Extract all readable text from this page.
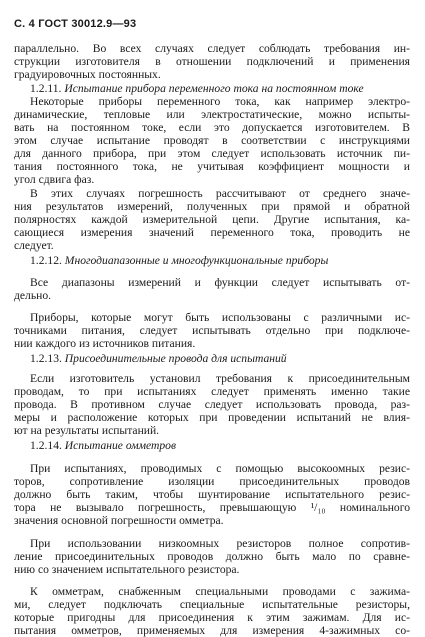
С. 4 ГОСТ 30012.9—93
параллельно. Во всех случаях следует соблюдать требования ин-
струкции изготовителя в отношении подключений и применения
градуировочных постоянных.
1.2.11. Испытание прибора переменного тока на постоянном токе
Некоторые приборы переменного тока, как например электро-
динамические, тепловые или электростатические, можно испыты-
вать на постоянном токе, если это допускается изготовителем. В
этом случае испытание проводят в соответствии с инструкциями
для данного прибора, при этом следует использовать источник пи-
тания постоянного тока, не учитывая коэффициент мощности и
угол сдвига фаз.
В этих случаях погрешность рассчитывают от среднего значе-
ния результатов измерений, полученных при прямой и обратной
полярностях каждой измерительной цепи. Другие испытания, ка-
сающиеся измерения значений переменного тока, проводить не
следует.
1.2.12. Многодиапазонные и многофункциональные приборы
Все диапазоны измерений и функции следует испытывать от-
дельно.
Приборы, которые могут быть использованы с различными ис-
точниками питания, следует испытывать отдельно при подключе-
нии каждого из источников питания.
1.2.13. Присоединительные провода для испытаний
Если изготовитель установил требования к присоединительным
проводам, то при испытаниях следует применять именно такие
провода. В противном случае следует использовать провода, раз-
меры и расположение которых при проведении испытаний не влия-
ют на результаты испытаний.
1.2.14. Испытание омметров
При испытаниях, проводимых с помощью высокоомных резис-
торов, сопротивление изоляции присоединительных проводов
должно быть таким, чтобы шунтирование испытательного резис-
тора не вызывало погрешность, превышающую ¹/₁₀ номинального
значения основной погрешности омметра.
При использовании низкоомных резисторов полное сопротив-
ление присоединительных проводов должно быть мало по сравне-
нию со значением испытательного резистора.
К омметрам, снабженным специальными проводами с зажима-
ми, следует подключать специальные испытательные резисторы,
которые пригодны для присоединения к этим зажимам. Для ис-
пытания омметров, применяемых для измерения 4-зажимных со-
